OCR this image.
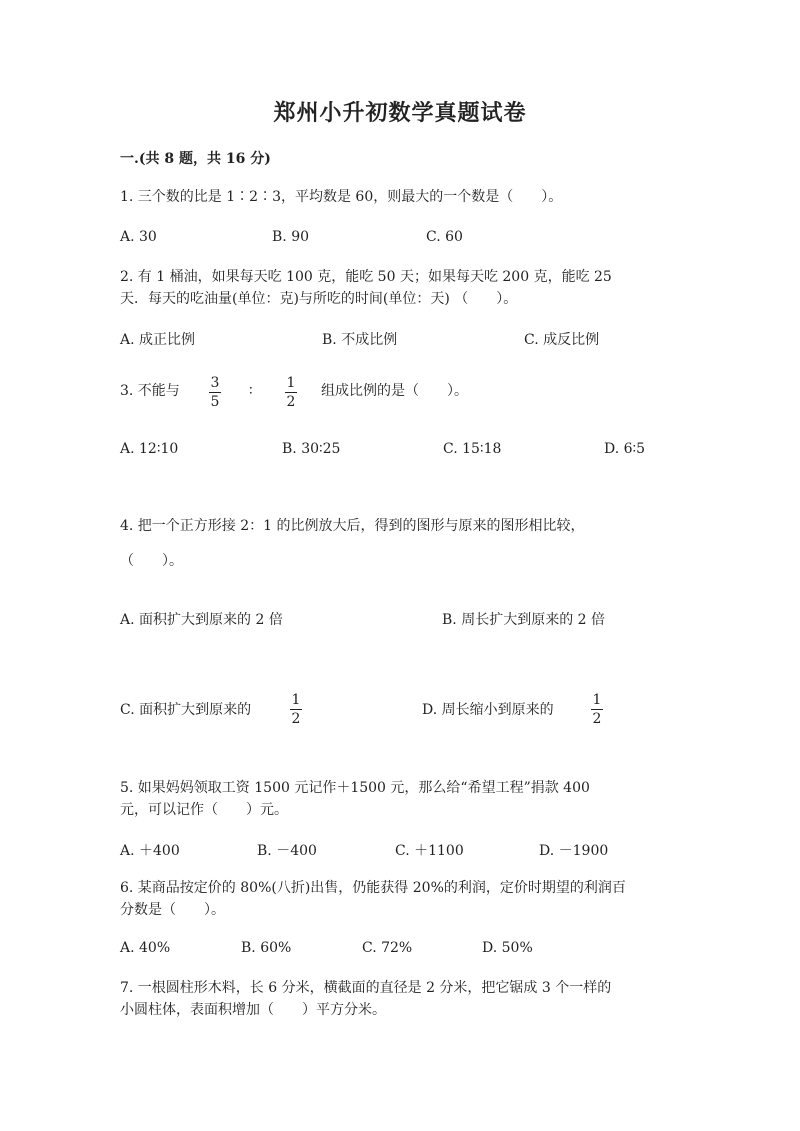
郑州小升初数学真题试卷
一.(共 8 题，共 16 分)
1. 三个数的比是 1∶2∶3，平均数是 60，则最大的一个数是（　　）。
A. 30	B. 90	C. 60
2. 有 1 桶油，如果每天吃 100 克，能吃 50 天；如果每天吃 200 克，能吃 25
天．每天的吃油量(单位：克)与所吃的时间(单位：天) （　　）。
A. 成正比例	B. 不成比例	C. 成反比例
3. 不能与 3
5
∶ 1
2
组成比例的是（　　）。
A. 12∶10	B. 30∶25	C. 15∶18	D. 6∶5
4. 把一个正方形接 2：1 的比例放大后，得到的图形与原来的图形相比较，
（　　）。
A. 面积扩大到原来的 2 倍	B. 周长扩大到原来的 2 倍
C. 面积扩大到原来的
1
2
D. 周长缩小到原来的
1
2
5. 如果妈妈领取工资 1500 元记作＋1500 元，那么给“希望工程”捐款 400
元，可以记作（　　）元。
A. ＋400	B. －400	C. ＋1100	D. －1900
6. 某商品按定价的 80%(八折)出售，仍能获得 20%的利润，定价时期望的利润百
分数是（　　）。
A. 40%	B. 60%	C. 72%	D. 50%
7. 一根圆柱形木料，长 6 分米，横截面的直径是 2 分米，把它锯成 3 个一样的
小圆柱体，表面积增加（　　）平方分米。
